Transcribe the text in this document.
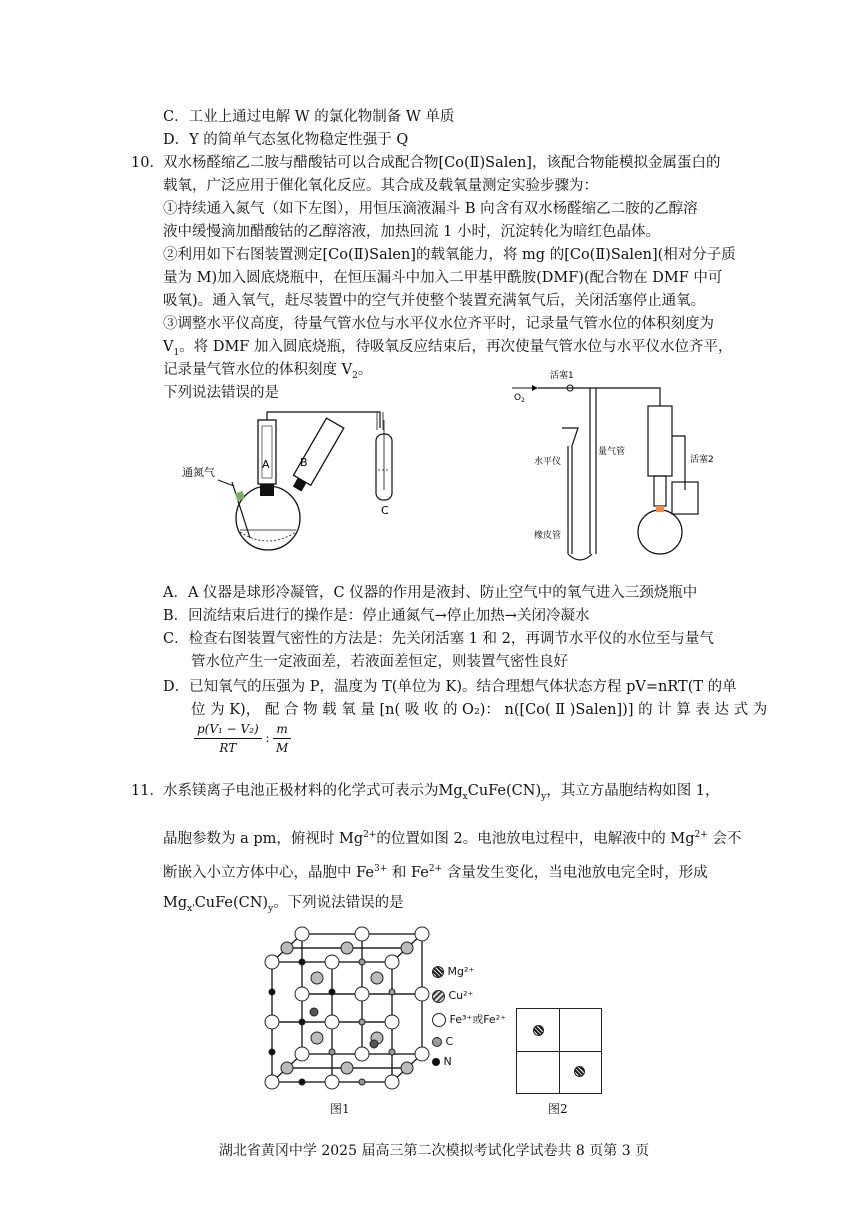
C．工业上通过电解 W 的氯化物制备 W 单质
D．Y 的简单气态氢化物稳定性强于 Q
10． 双水杨醛缩乙二胺与醋酸钴可以合成配合物[Co(Ⅱ)Salen]，该配合物能模拟金属蛋白的
载氧，广泛应用于催化氧化反应。其合成及载氧量测定实验步骤为：
①持续通入氮气（如下左图），用恒压滴液漏斗 B 向含有双水杨醛缩乙二胺的乙醇溶
液中缓慢滴加醋酸钴的乙醇溶液，加热回流 1 小时，沉淀转化为暗红色晶体。
②利用如下右图装置测定[Co(Ⅱ)Salen]的载氧能力，将 mg 的[Co(Ⅱ)Salen](相对分子质
量为 M)加入圆底烧瓶中，在恒压漏斗中加入二甲基甲酰胺(DMF)(配合物在 DMF 中可
吸氧)。通入氧气，赶尽装置中的空气并使整个装置充满氧气后，关闭活塞停止通氧。
③调整水平仪高度，待量气管水位与水平仪水位齐平时，记录量气管水位的体积刻度为
$V_1$。将 DMF 加入圆底烧瓶，待吸氧反应结束后，再次使量气管水位与水平仪水位齐平，
记录量气管水位的体积刻度 $V_2$。
下列说法错误的是
A	B
通氮气
C
活塞1
$O_2$
量气管
水平仪
橡皮管
活塞2
A．A 仪器是球形冷凝管，C 仪器的作用是液封、防止空气中的氧气进入三颈烧瓶中
B．回流结束后进行的操作是：停止通氮气→停止加热→关闭冷凝水
C．检查右图装置气密性的方法是：先关闭活塞 1 和 2，再调节水平仪的水位至与量气
管水位产生一定液面差，若液面差恒定，则装置气密性良好
D．已知氧气的压强为 P，温度为 T(单位为 K)。结合理想气体状态方程 pV=nRT(T 的单
位 为 K)， 配 合 物 载 氧 量 [n( 吸 收 的 O₂)： n([Co( Ⅱ )Salen])] 的 计 算 表 达 式 为
$\frac{\text{p(V₁ − V₂)}}{RT}$ : $\frac{m}{M}$
11． 水系镁离子电池正极材料的化学式可表示为$Mg_xCuFe(CN)_y$，其立方晶胞结构如图 1，
晶胞参数为 a pm，俯视时 $Mg^{2+}$的位置如图 2。电池放电过程中，电解液中的 $Mg^{2+}$ 会不
断嵌入小立方体中心，晶胞中 $Fe^{3+}$ 和 $Fe^{2+}$ 含量发生变化，当电池放电完全时，形成
$Mg_{x'}CuFe(CN)_y$。下列说法错误的是
Mg²⁺
Cu²⁺
Fe³⁺或Fe²⁺
C
N
图1	图2
湖北省黄冈中学 2025 届高三第二次模拟考试化学试卷共 8 页第 3 页
